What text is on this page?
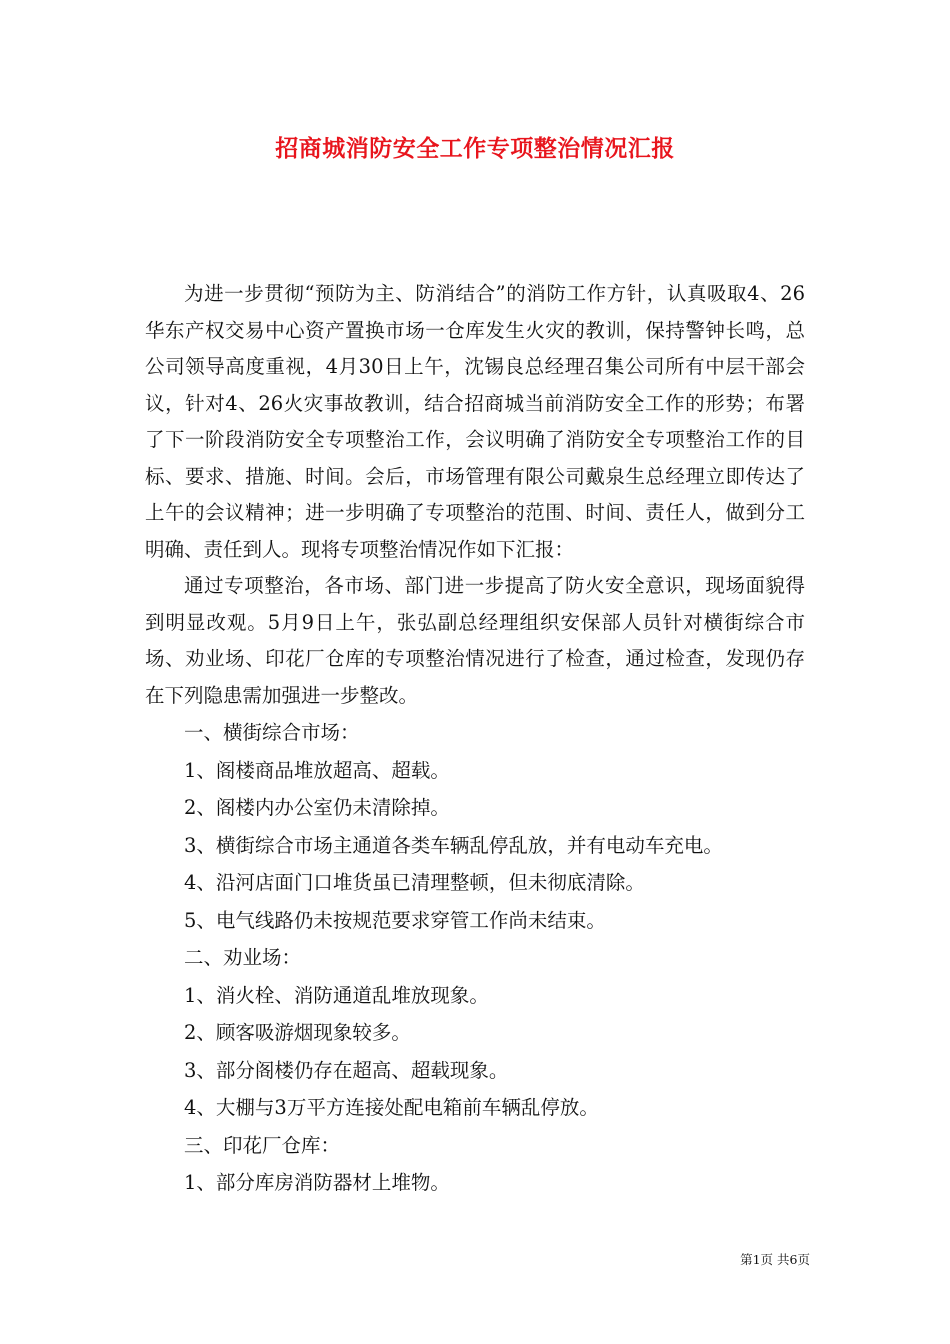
招商城消防安全工作专项整治情况汇报

为进一步贯彻“预防为主、防消结合”的消防工作方针，认真吸取4、26华东产权交易中心资产置换市场一仓库发生火灾的教训，保持警钟长鸣，总公司领导高度重视，4月30日上午，沈锡良总经理召集公司所有中层干部会议，针对4、26火灾事故教训，结合招商城当前消防安全工作的形势；布署了下一阶段消防安全专项整治工作，会议明确了消防安全专项整治工作的目标、要求、措施、时间。会后，市场管理有限公司戴泉生总经理立即传达了上午的会议精神；进一步明确了专项整治的范围、时间、责任人，做到分工明确、责任到人。现将专项整治情况作如下汇报：

通过专项整治，各市场、部门进一步提高了防火安全意识，现场面貌得到明显改观。5月9日上午，张弘副总经理组织安保部人员针对横街综合市场、劝业场、印花厂仓库的专项整治情况进行了检查，通过检查，发现仍存在下列隐患需加强进一步整改。

一、横街综合市场：

1、阁楼商品堆放超高、超载。

2、阁楼内办公室仍未清除掉。

3、横街综合市场主通道各类车辆乱停乱放，并有电动车充电。

4、沿河店面门口堆货虽已清理整顿，但未彻底清除。

5、电气线路仍未按规范要求穿管工作尚未结束。

二、劝业场：

1、消火栓、消防通道乱堆放现象。

2、顾客吸游烟现象较多。

3、部分阁楼仍存在超高、超载现象。

4、大棚与3万平方连接处配电箱前车辆乱停放。

三、印花厂仓库：

1、部分库房消防器材上堆物。

第1页 共6页
